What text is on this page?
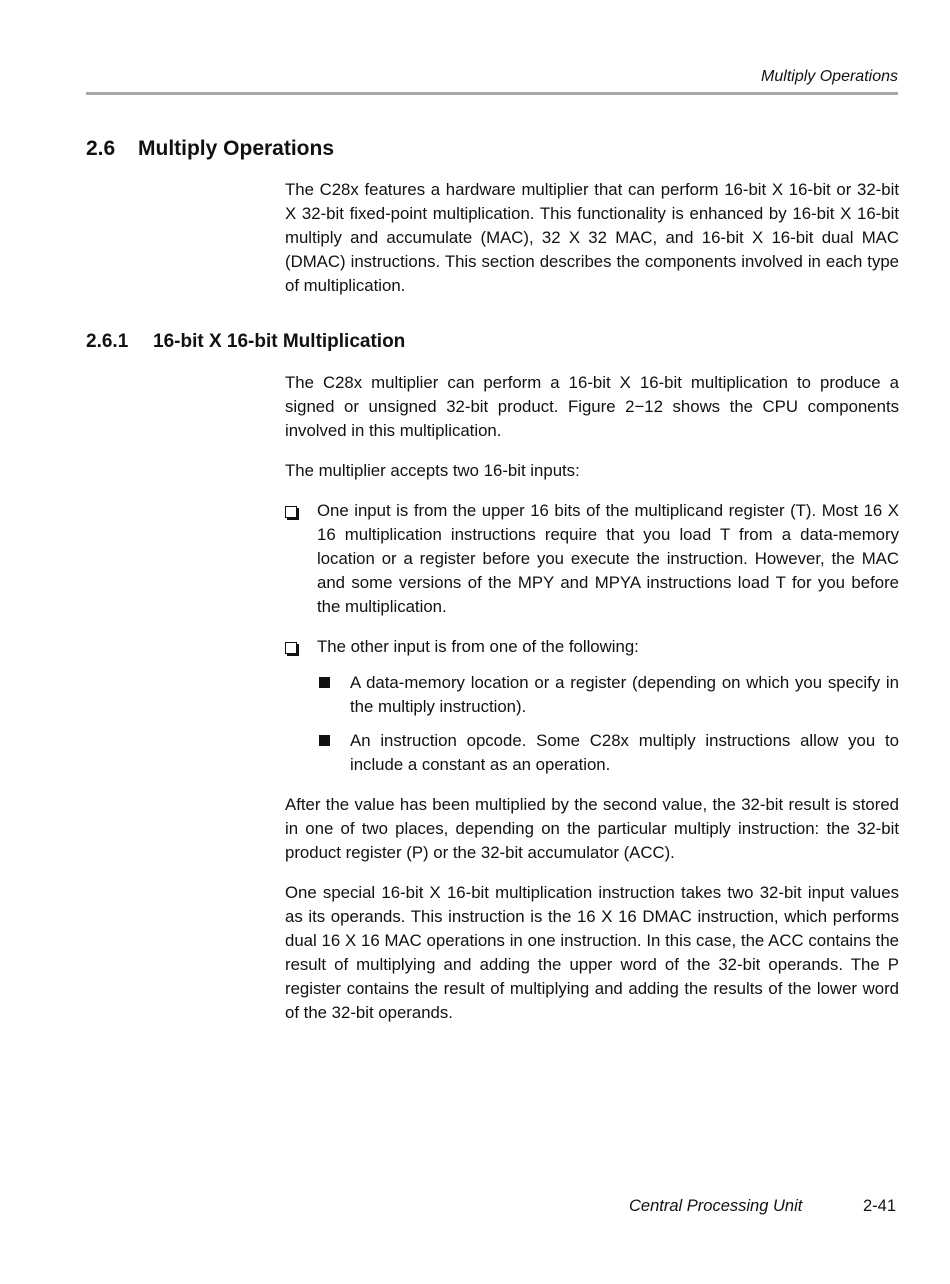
Multiply Operations
2.6 Multiply Operations

The C28x features a hardware multiplier that can perform 16-bit X 16-bit or 32-bit X 32-bit fixed-point multiplication. This functionality is enhanced by 16-bit X 16-bit multiply and accumulate (MAC), 32 X 32 MAC, and 16-bit X 16-bit dual MAC (DMAC) instructions. This section describes the components involved in each type of multiplication.

2.6.1 16-bit X 16-bit Multiplication

The C28x multiplier can perform a 16-bit X 16-bit multiplication to produce a signed or unsigned 32-bit product. Figure 2−12 shows the CPU components involved in this multiplication.

The multiplier accepts two 16-bit inputs:

One input is from the upper 16 bits of the multiplicand register (T). Most 16 X 16 multiplication instructions require that you load T from a data-memory location or a register before you execute the instruction. However, the MAC and some versions of the MPY and MPYA instructions load T for you before the multiplication.
The other input is from one of the following:
A data-memory location or a register (depending on which you specify in the multiply instruction).
An instruction opcode. Some C28x multiply instructions allow you to include a constant as an operation.

After the value has been multiplied by the second value, the 32-bit result is stored in one of two places, depending on the particular multiply instruction: the 32-bit product register (P) or the 32-bit accumulator (ACC).

One special 16-bit X 16-bit multiplication instruction takes two 32-bit input values as its operands. This instruction is the 16 X 16 DMAC instruction, which performs dual 16 X 16 MAC operations in one instruction. In this case, the ACC contains the result of multiplying and adding the upper word of the 32-bit operands. The P register contains the result of multiplying and adding the results of the lower word of the 32-bit operands.

Central Processing Unit	2-41
